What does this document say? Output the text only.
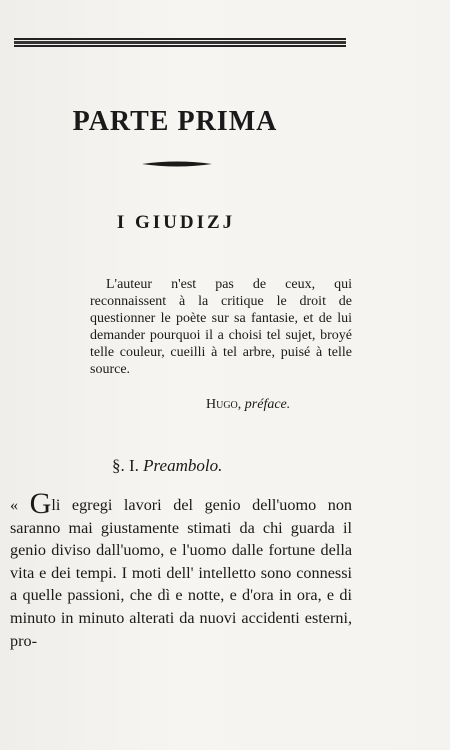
PARTE PRIMA
I GIUDIZJ

L'auteur n'est pas de ceux, qui reconnaissent à la critique le droit de questionner le poète sur sa fantasie, et de lui demander pourquoi il a choisi tel sujet, broyé telle couleur, cueilli à tel arbre, puisé à telle source.

Hugo, préface.
§. I. Preambolo.

« Gli egregi lavori del genio dell'uomo non saranno mai giustamente stimati da chi guarda il genio diviso dall'uomo, e l'uomo dalle fortune della vita e dei tempi. I moti dell' intelletto sono connessi a quelle passioni, che dì e notte, e d'ora in ora, e di minuto in minuto alterati da nuovi accidenti esterni, pro-
